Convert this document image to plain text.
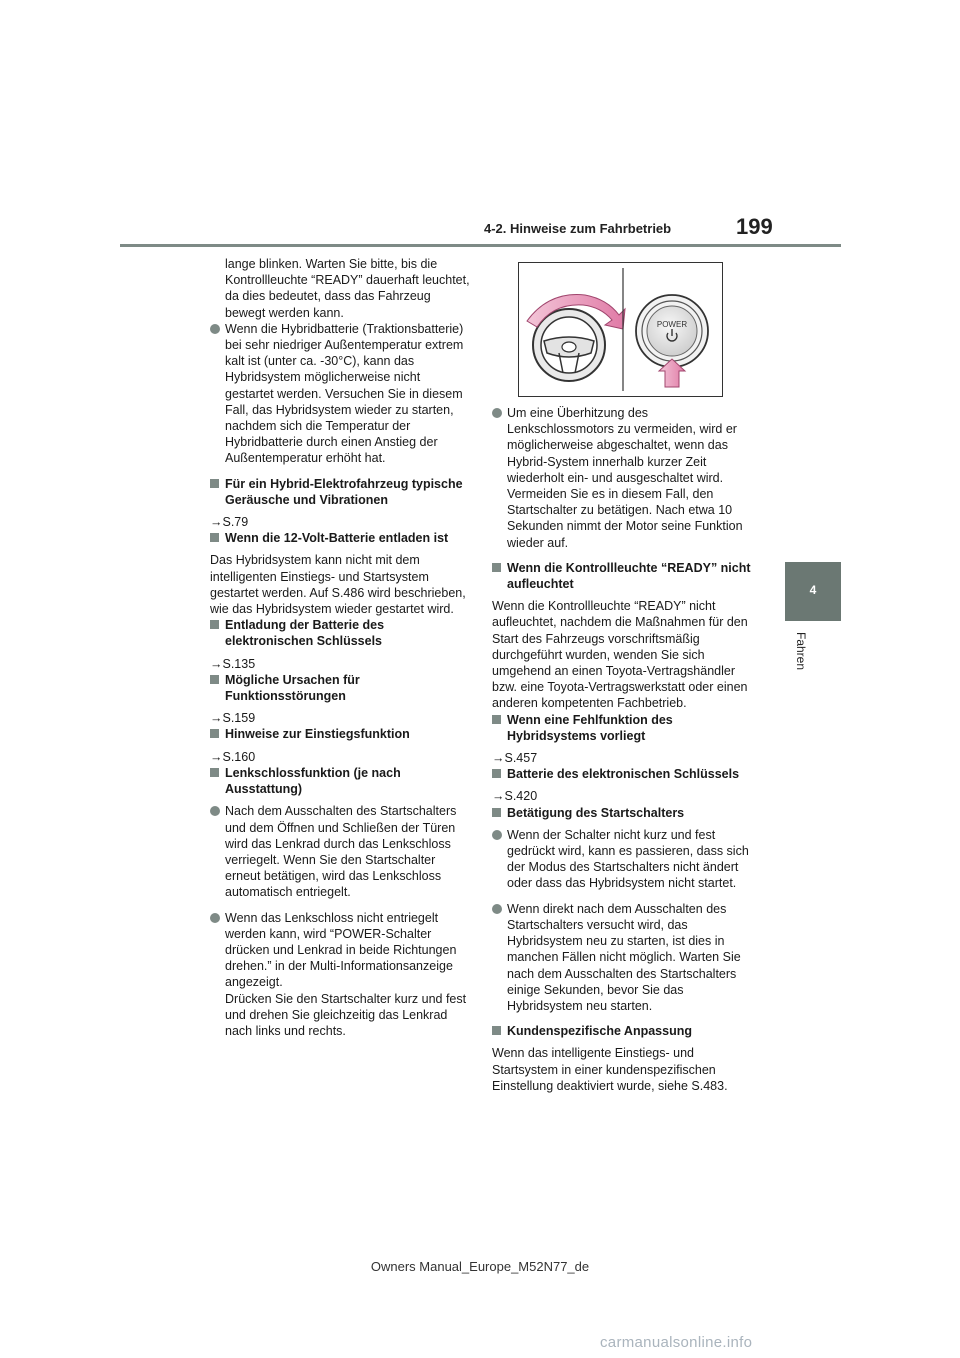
4-2. Hinweise zum Fahrbetrieb	199
4
Fahren

lange blinken. Warten Sie bitte, bis die Kontrollleuchte “READY” dauerhaft leuchtet, da dies bedeutet, dass das Fahrzeug bewegt werden kann.

Wenn die Hybridbatterie (Traktionsbatterie) bei sehr niedriger Außentemperatur extrem kalt ist (unter ca. -30°C), kann das Hybridsystem möglicherweise nicht gestartet werden. Versuchen Sie in diesem Fall, das Hybridsystem wieder zu starten, nachdem sich die Temperatur der Hybridbatterie durch einen Anstieg der Außentemperatur erhöht hat.
Für ein Hybrid-Elektrofahrzeug typische Geräusche und Vibrationen

→S.79

Wenn die 12-Volt-Batterie entladen ist

Das Hybridsystem kann nicht mit dem intelligenten Einstiegs- und Startsystem gestartet werden. Auf S.486 wird beschrieben, wie das Hybridsystem wieder gestartet wird.

Entladung der Batterie des elektronischen Schlüssels

→S.135

Mögliche Ursachen für Funktionsstörungen

→S.159

Hinweise zur Einstiegsfunktion

→S.160

Lenkschlossfunktion (je nach Ausstattung)
Nach dem Ausschalten des Startschalters und dem Öffnen und Schließen der Türen wird das Lenkrad durch das Lenkschloss verriegelt. Wenn Sie den Startschalter erneut betätigen, wird das Lenkschloss automatisch entriegelt.
Wenn das Lenkschloss nicht entriegelt werden kann, wird “POWER-Schalter drücken und Lenkrad in beide Richtungen drehen.” in der Multi-Informationsanzeige angezeigt.
Drücken Sie den Startschalter kurz und fest und drehen Sie gleichzeitig das Lenkrad nach links und rechts.
POWER
Um eine Überhitzung des Lenkschlossmotors zu vermeiden, wird er möglicherweise abgeschaltet, wenn das Hybrid-System innerhalb kurzer Zeit wiederholt ein- und ausgeschaltet wird. Vermeiden Sie es in diesem Fall, den Startschalter zu betätigen. Nach etwa 10 Sekunden nimmt der Motor seine Funktion wieder auf.
Wenn die Kontrollleuchte “READY” nicht aufleuchtet

Wenn die Kontrollleuchte “READY” nicht aufleuchtet, nachdem die Maßnahmen für den Start des Fahrzeugs vorschriftsmäßig durchgeführt wurden, wenden Sie sich umgehend an einen Toyota-Vertragshändler bzw. eine Toyota-Vertragswerkstatt oder einen anderen kompetenten Fachbetrieb.

Wenn eine Fehlfunktion des Hybridsystems vorliegt

→S.457

Batterie des elektronischen Schlüssels

→S.420

Betätigung des Startschalters
Wenn der Schalter nicht kurz und fest gedrückt wird, kann es passieren, dass sich der Modus des Startschalters nicht ändert oder dass das Hybridsystem nicht startet.
Wenn direkt nach dem Ausschalten des Startschalters versucht wird, das Hybridsystem neu zu starten, ist dies in manchen Fällen nicht möglich. Warten Sie nach dem Ausschalten des Startschalters einige Sekunden, bevor Sie das Hybridsystem neu starten.
Kundenspezifische Anpassung

Wenn das intelligente Einstiegs- und Startsystem in einer kundenspezifischen Einstellung deaktiviert wurde, siehe S.483.

Owners Manual_Europe_M52N77_de
carmanualsonline.info
